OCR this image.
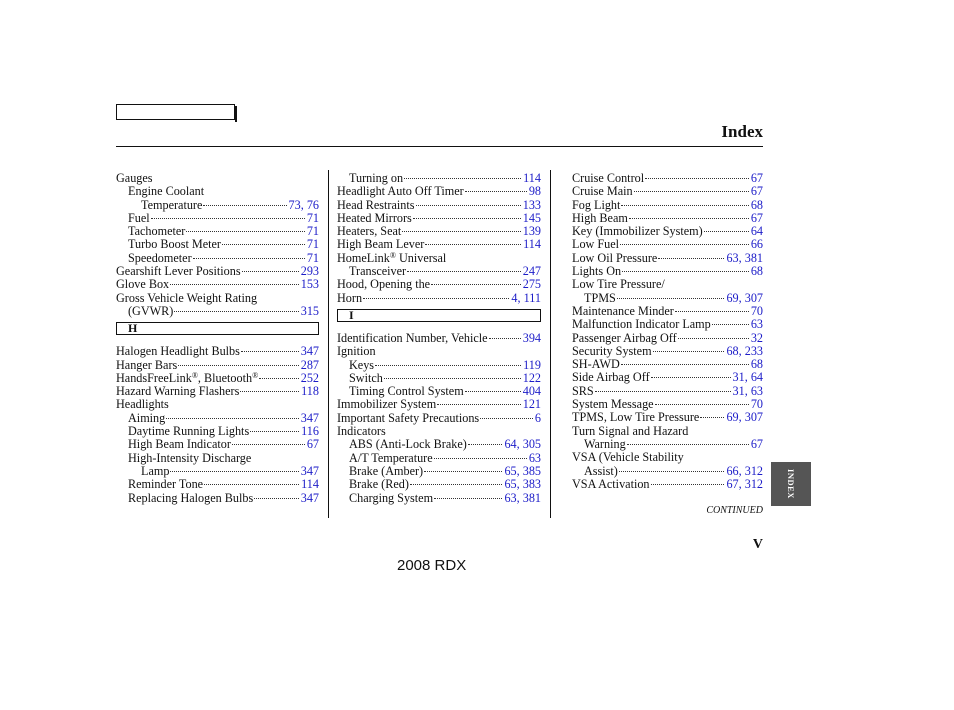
Index
Gauges
Engine Coolant
Temperature	73, 76
Fuel	71
Tachometer	71
Turbo Boost Meter	71
Speedometer	71
Gearshift Lever Positions	293
Glove Box	153
Gross Vehicle Weight Rating
(GVWR)	315
H
Halogen Headlight Bulbs	347
Hanger Bars	287
HandsFreeLink®, Bluetooth®	252
Hazard Warning Flashers	118
Headlights
Aiming	347
Daytime Running Lights	116
High Beam Indicator	67
High-Intensity Discharge
Lamp	347
Reminder Tone	114
Replacing Halogen Bulbs	347
Turning on	114
Headlight Auto Off Timer	98
Head Restraints	133
Heated Mirrors	145
Heaters, Seat	139
High Beam Lever	114
HomeLink® Universal
Transceiver	247
Hood, Opening the	275
Horn	4, 111
I
Identification Number, Vehicle	394
Ignition
Keys	119
Switch	122
Timing Control System	404
Immobilizer System	121
Important Safety Precautions	6
Indicators
ABS (Anti-Lock Brake)	64, 305
A/T Temperature	63
Brake (Amber)	65, 385
Brake (Red)	65, 383
Charging System	63, 381
Cruise Control	67
Cruise Main	67
Fog Light	68
High Beam	67
Key (Immobilizer System)	64
Low Fuel	66
Low Oil Pressure	63, 381
Lights On	68
Low Tire Pressure/
TPMS	69, 307
Maintenance Minder	70
Malfunction Indicator Lamp	63
Passenger Airbag Off	32
Security System	68, 233
SH-AWD	68
Side Airbag Off	31, 64
SRS	31, 63
System Message	70
TPMS, Low Tire Pressure 69, 307
Turn Signal and Hazard
Warning	67
VSA (Vehicle Stability
Assist)	66, 312
VSA Activation	67, 312
CONTINUED
V
2008 RDX
INDEX
